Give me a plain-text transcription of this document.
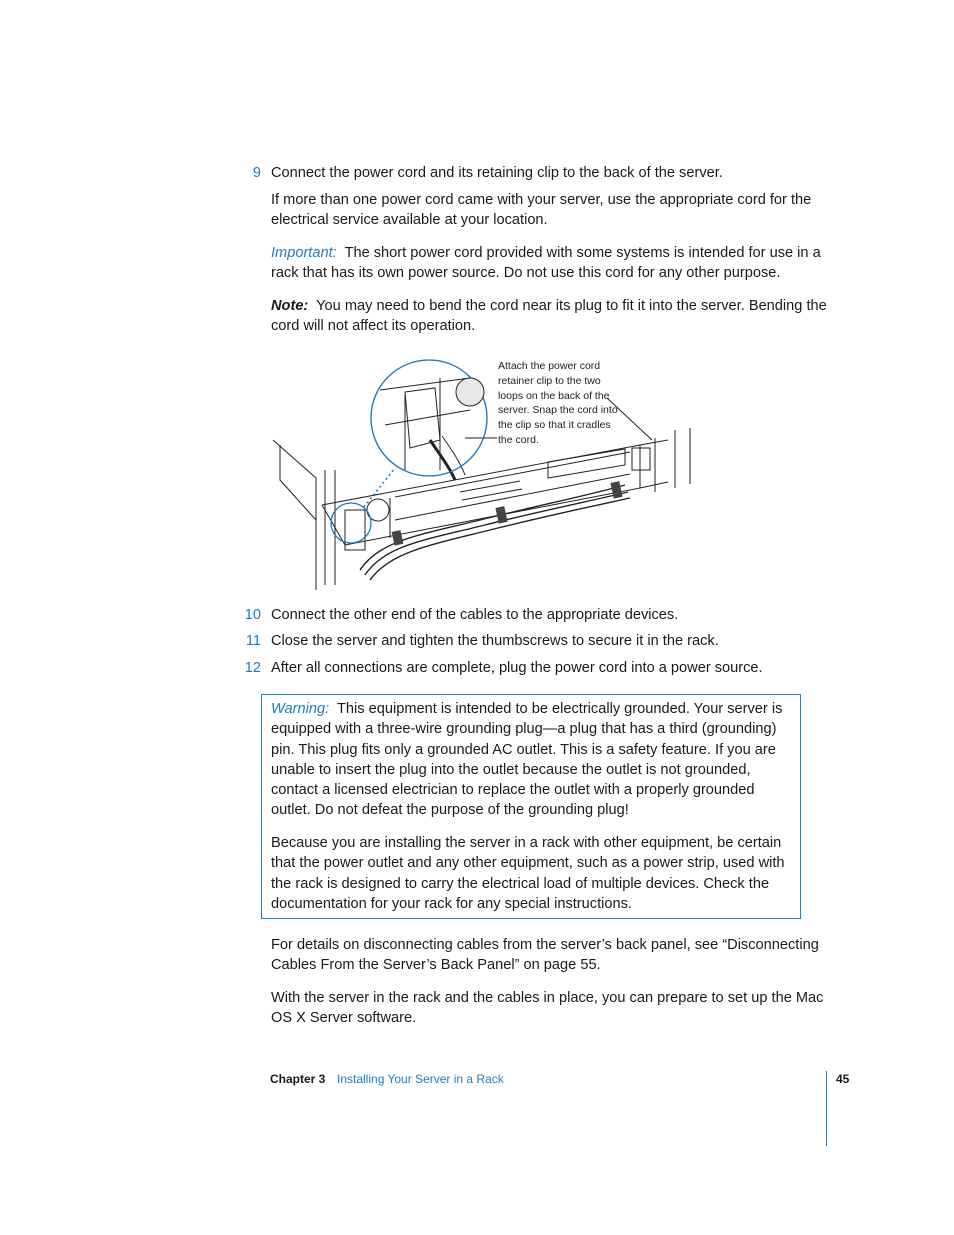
9 Connect the power cord and its retaining clip to the back of the server.
If more than one power cord came with your server, use the appropriate cord for the electrical service available at your location.
Important: The short power cord provided with some systems is intended for use in a rack that has its own power source. Do not use this cord for any other purpose.
Note: You may need to bend the cord near its plug to fit it into the server. Bending the cord will not affect its operation.
Attach the power cord retainer clip to the two loops on the back of the server. Snap the cord into the clip so that it cradles the cord.
10 Connect the other end of the cables to the appropriate devices.
11 Close the server and tighten the thumbscrews to secure it in the rack.
12 After all connections are complete, plug the power cord into a power source.

Warning: This equipment is intended to be electrically grounded. Your server is equipped with a three-wire grounding plug—a plug that has a third (grounding) pin. This plug fits only a grounded AC outlet. This is a safety feature. If you are unable to insert the plug into the outlet because the outlet is not grounded, contact a licensed electrician to replace the outlet with a properly grounded outlet. Do not defeat the purpose of the grounding plug!

Because you are installing the server in a rack with other equipment, be certain that the power outlet and any other equipment, such as a power strip, used with the rack is designed to carry the electrical load of multiple devices. Check the documentation for your rack for any special instructions.

For details on disconnecting cables from the server’s back panel, see “Disconnecting Cables From the Server’s Back Panel” on page 55.
With the server in the rack and the cables in place, you can prepare to set up the Mac OS X Server software.
Chapter 3 Installing Your Server in a Rack	45
